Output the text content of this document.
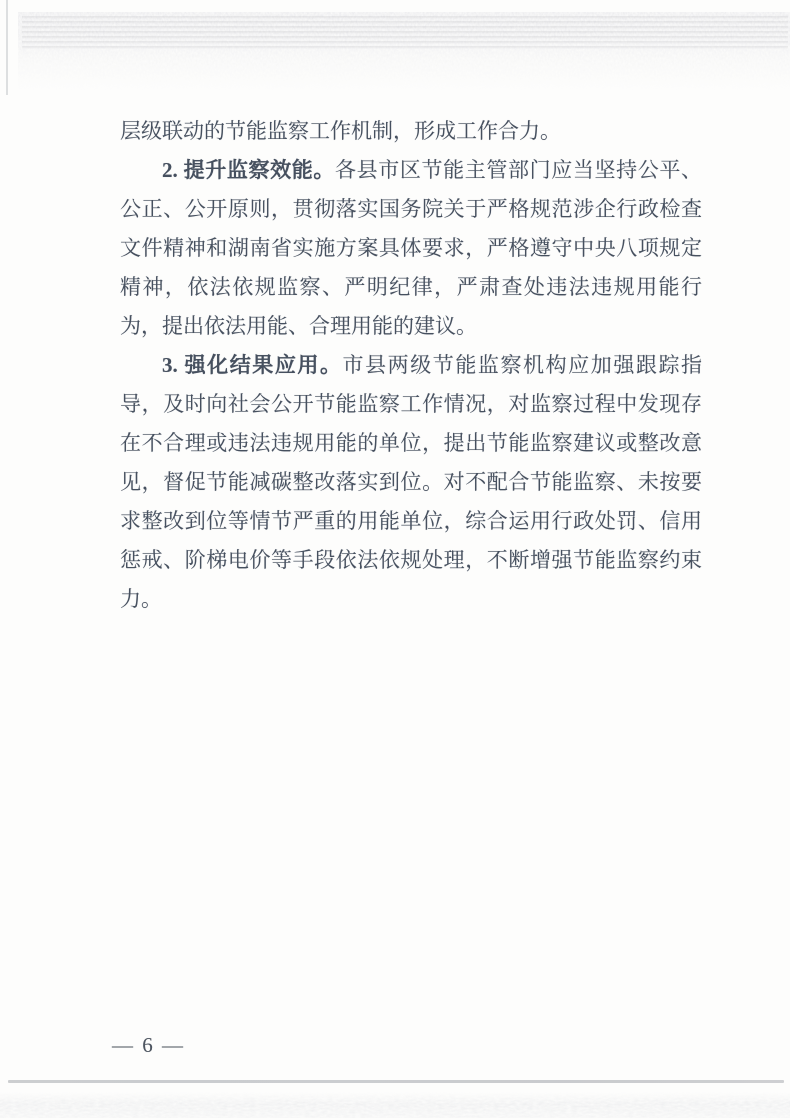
层级联动的节能监察工作机制，形成工作合力。

2. 提升监察效能。各县市区节能主管部门应当坚持公平、公正、公开原则，贯彻落实国务院关于严格规范涉企行政检查文件精神和湖南省实施方案具体要求，严格遵守中央八项规定精神，依法依规监察、严明纪律，严肃查处违法违规用能行为，提出依法用能、合理用能的建议。

3. 强化结果应用。市县两级节能监察机构应加强跟踪指导，及时向社会公开节能监察工作情况，对监察过程中发现存在不合理或违法违规用能的单位，提出节能监察建议或整改意见，督促节能减碳整改落实到位。对不配合节能监察、未按要求整改到位等情节严重的用能单位，综合运用行政处罚、信用惩戒、阶梯电价等手段依法依规处理，不断增强节能监察约束力。

— 6 —
